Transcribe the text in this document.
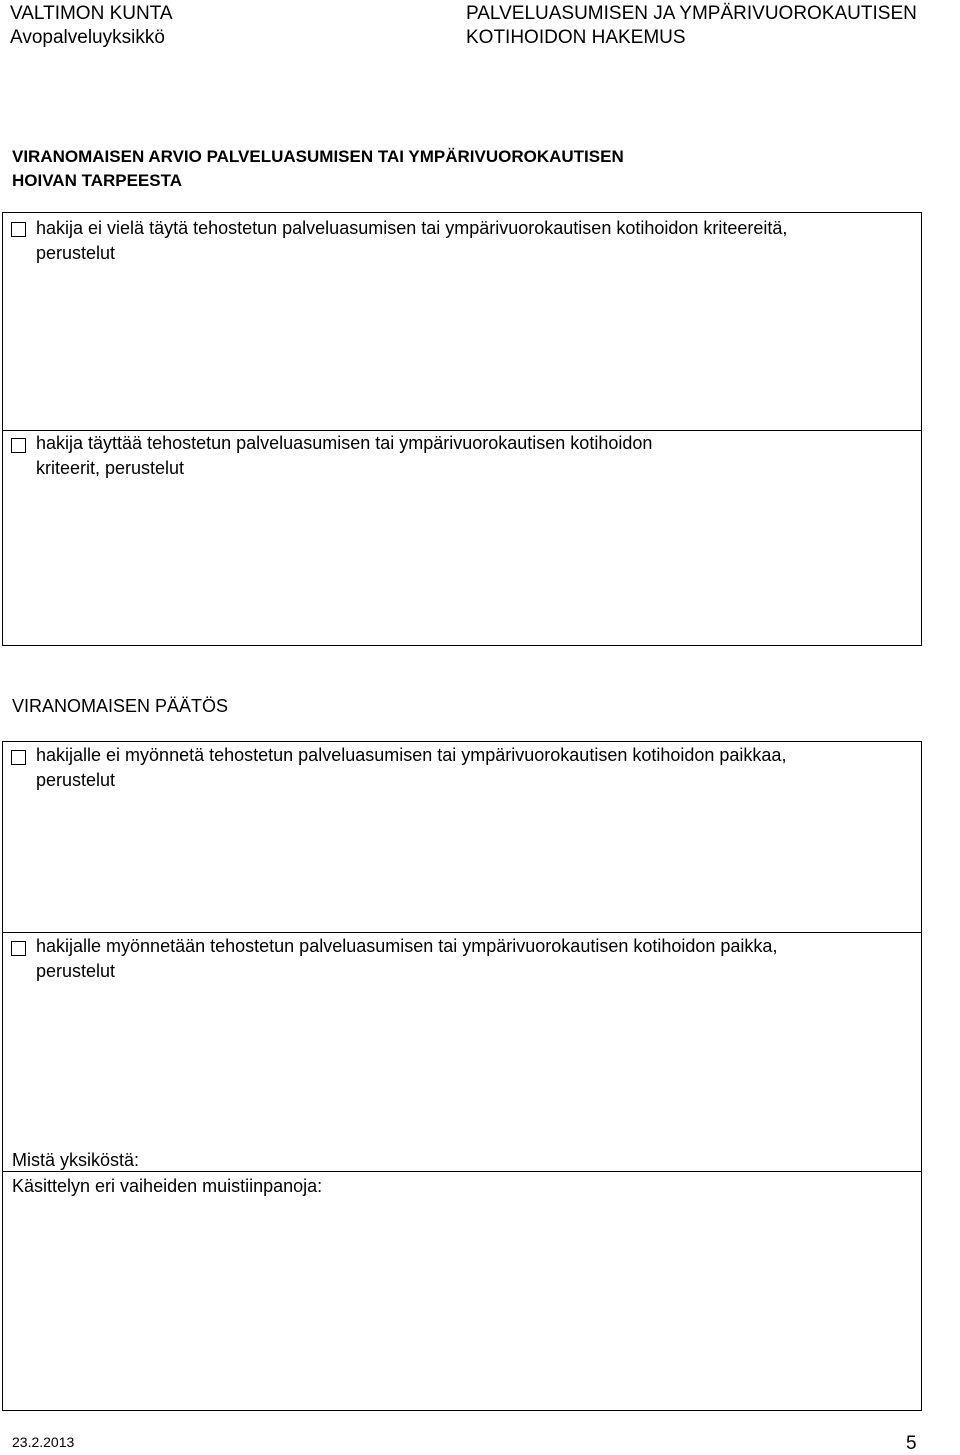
VALTIMON KUNTA
Avopalveluyksikkö
PALVELUASUMISEN JA YMPÄRIVUOROKAUTISEN
KOTIHOIDON HAKEMUS
VIRANOMAISEN ARVIO PALVELUASUMISEN TAI YMPÄRIVUOROKAUTISEN
HOIVAN TARPEESTA
hakija ei vielä täytä tehostetun palveluasumisen tai ympärivuorokautisen kotihoidon kriteereitä,
perustelut
hakija täyttää tehostetun palveluasumisen tai ympärivuorokautisen kotihoidon
kriteerit, perustelut
VIRANOMAISEN PÄÄTÖS
hakijalle ei myönnetä tehostetun palveluasumisen tai ympärivuorokautisen kotihoidon paikkaa,
perustelut
hakijalle myönnetään tehostetun palveluasumisen tai ympärivuorokautisen kotihoidon paikka,
perustelut
Mistä yksiköstä:
Käsittelyn eri vaiheiden muistiinpanoja:
23.2.2013	5
